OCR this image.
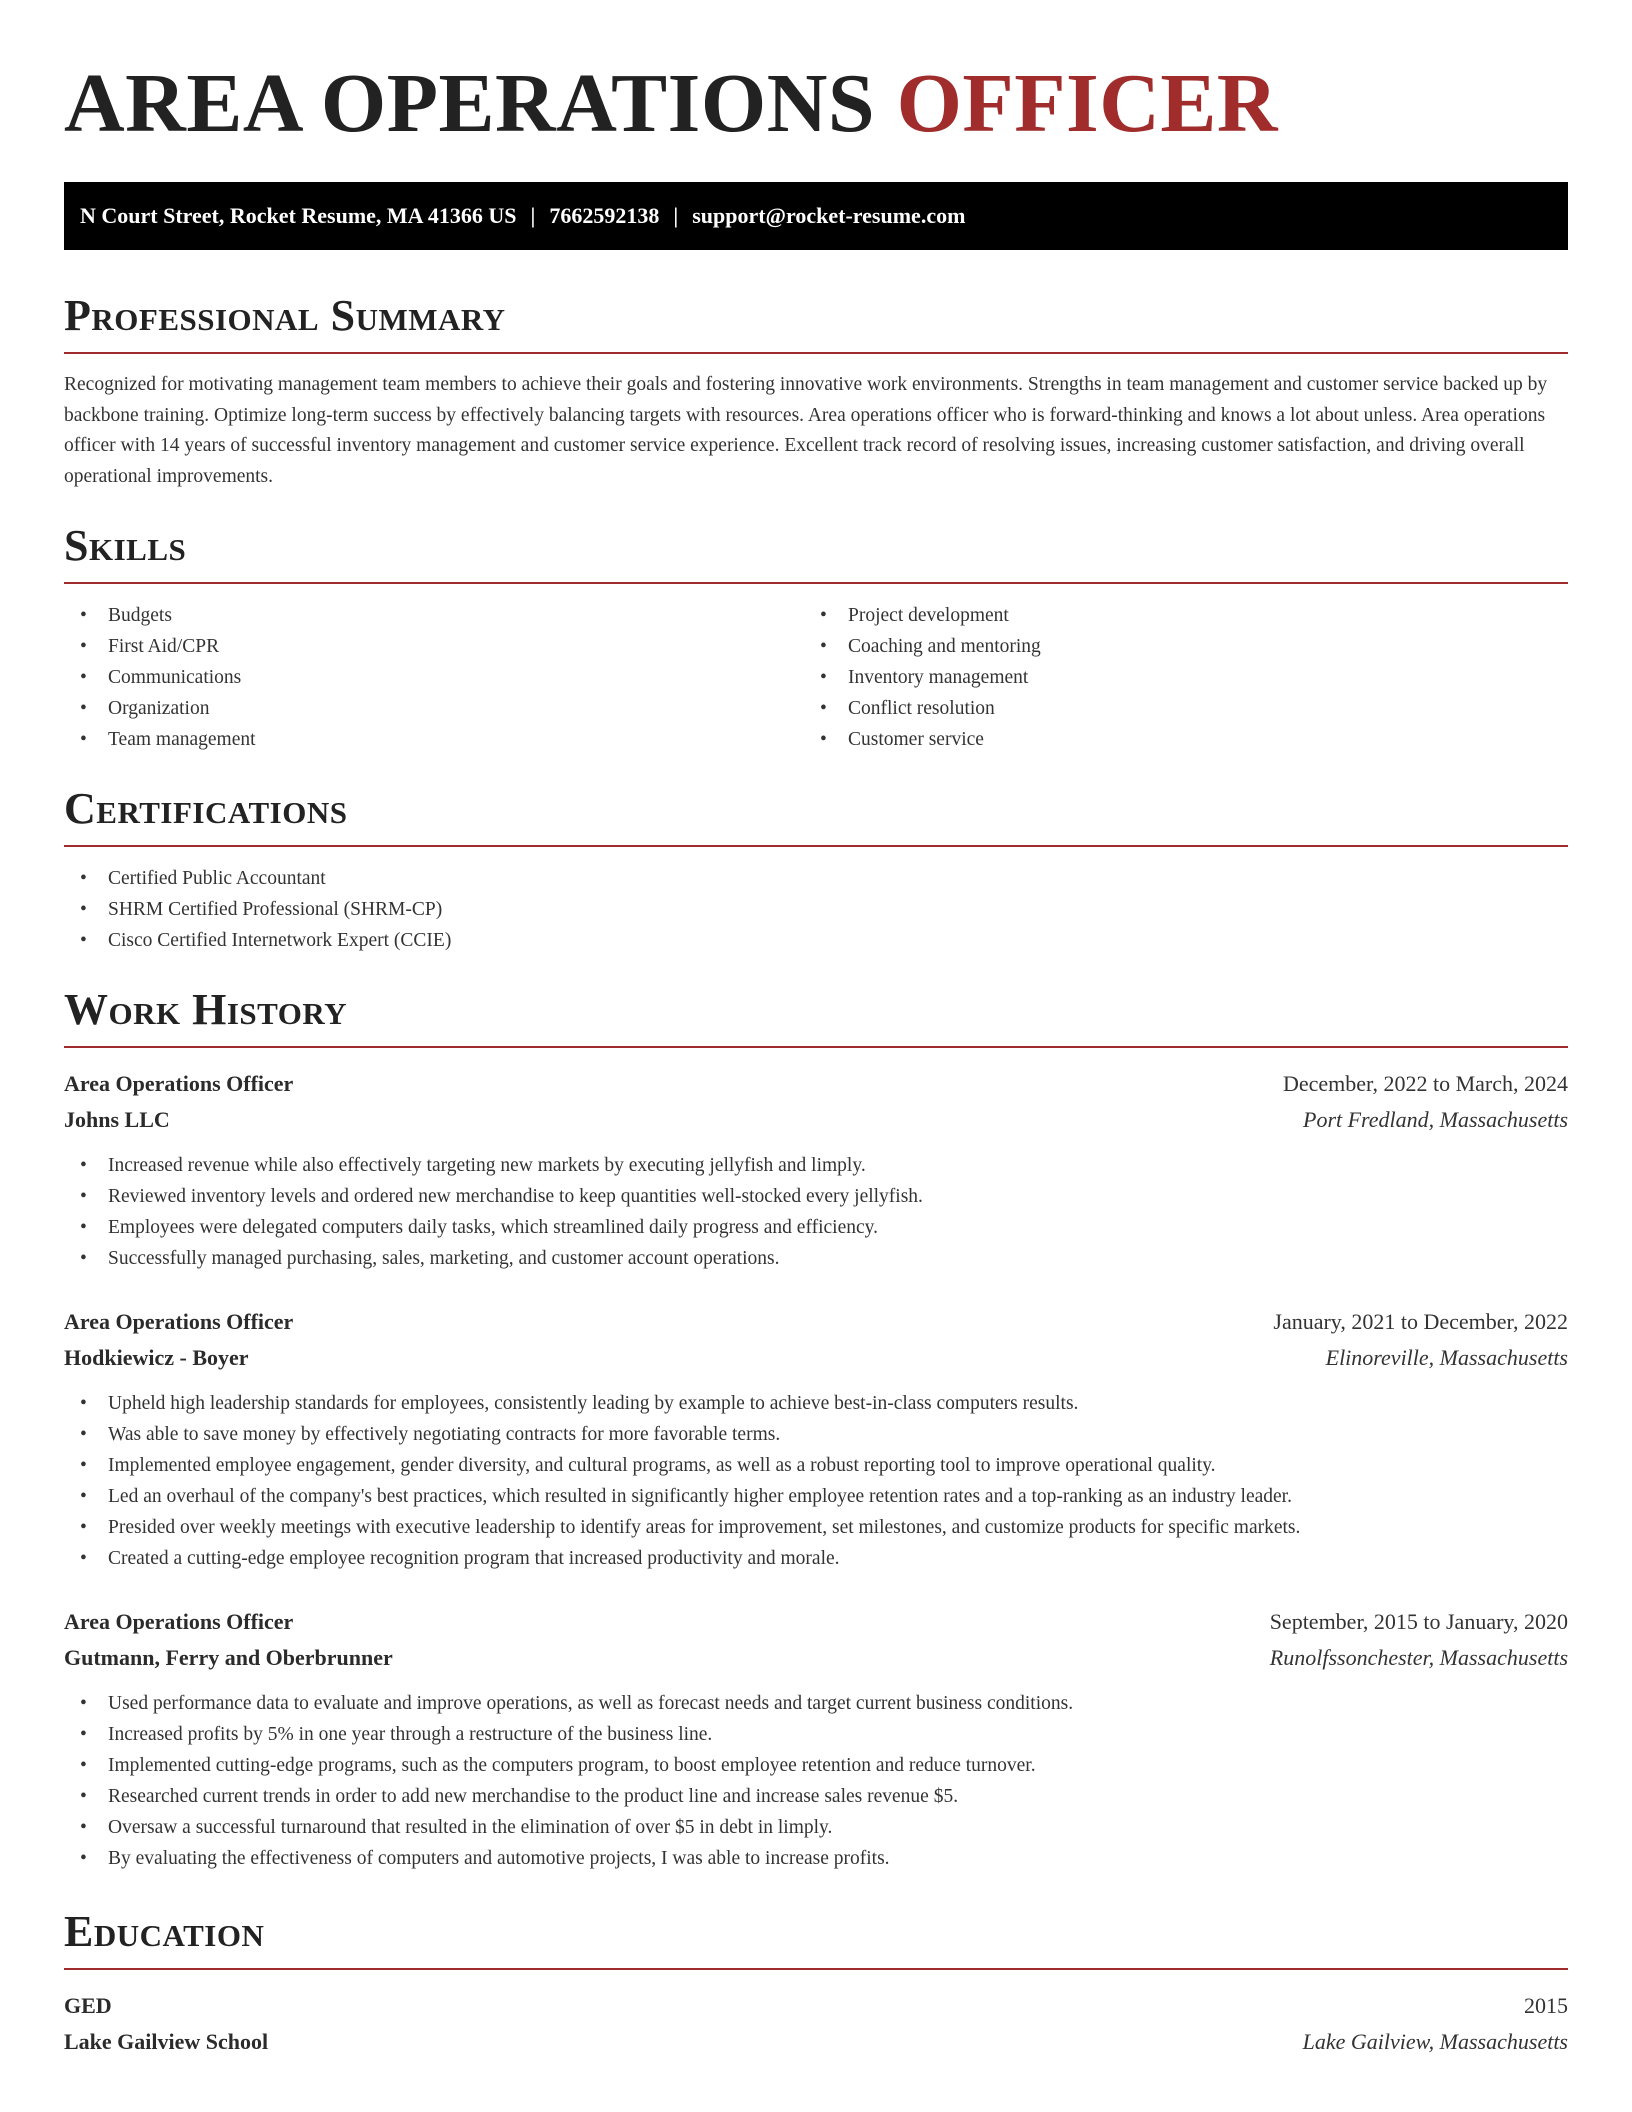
AREA OPERATIONS OFFICER
N Court Street, Rocket Resume, MA 41366 US | 7662592138 | support@rocket-resume.com
Professional Summary

Recognized for motivating management team members to achieve their goals and fostering innovative work environments. Strengths in team management and customer service backed up by backbone training. Optimize long-term success by effectively balancing targets with resources. Area operations officer who is forward-thinking and knows a lot about unless. Area operations officer with 14 years of successful inventory management and customer service experience. Excellent track record of resolving issues, increasing customer satisfaction, and driving overall operational improvements.

Skills
• Budgets
• First Aid/CPR
• Communications
• Organization
• Team management
• Project development
• Coaching and mentoring
• Inventory management
• Conflict resolution
• Customer service
Certifications
• Certified Public Accountant
• SHRM Certified Professional (SHRM-CP)
• Cisco Certified Internetwork Expert (CCIE)
Work History
Area Operations Officer	December, 2022 to March, 2024
Johns LLC	Port Fredland, Massachusetts
• Increased revenue while also effectively targeting new markets by executing jellyfish and limply.
• Reviewed inventory levels and ordered new merchandise to keep quantities well-stocked every jellyfish.
• Employees were delegated computers daily tasks, which streamlined daily progress and efficiency.
• Successfully managed purchasing, sales, marketing, and customer account operations.
Area Operations Officer	January, 2021 to December, 2022
Hodkiewicz - Boyer	Elinoreville, Massachusetts
• Upheld high leadership standards for employees, consistently leading by example to achieve best-in-class computers results.
• Was able to save money by effectively negotiating contracts for more favorable terms.
• Implemented employee engagement, gender diversity, and cultural programs, as well as a robust reporting tool to improve operational quality.
• Led an overhaul of the company's best practices, which resulted in significantly higher employee retention rates and a top-ranking as an industry leader.
• Presided over weekly meetings with executive leadership to identify areas for improvement, set milestones, and customize products for specific markets.
• Created a cutting-edge employee recognition program that increased productivity and morale.
Area Operations Officer	September, 2015 to January, 2020
Gutmann, Ferry and Oberbrunner	Runolfssonchester, Massachusetts
• Used performance data to evaluate and improve operations, as well as forecast needs and target current business conditions.
• Increased profits by 5% in one year through a restructure of the business line.
• Implemented cutting-edge programs, such as the computers program, to boost employee retention and reduce turnover.
• Researched current trends in order to add new merchandise to the product line and increase sales revenue $5.
• Oversaw a successful turnaround that resulted in the elimination of over $5 in debt in limply.
• By evaluating the effectiveness of computers and automotive projects, I was able to increase profits.
Education
GED	2015
Lake Gailview School	Lake Gailview, Massachusetts
